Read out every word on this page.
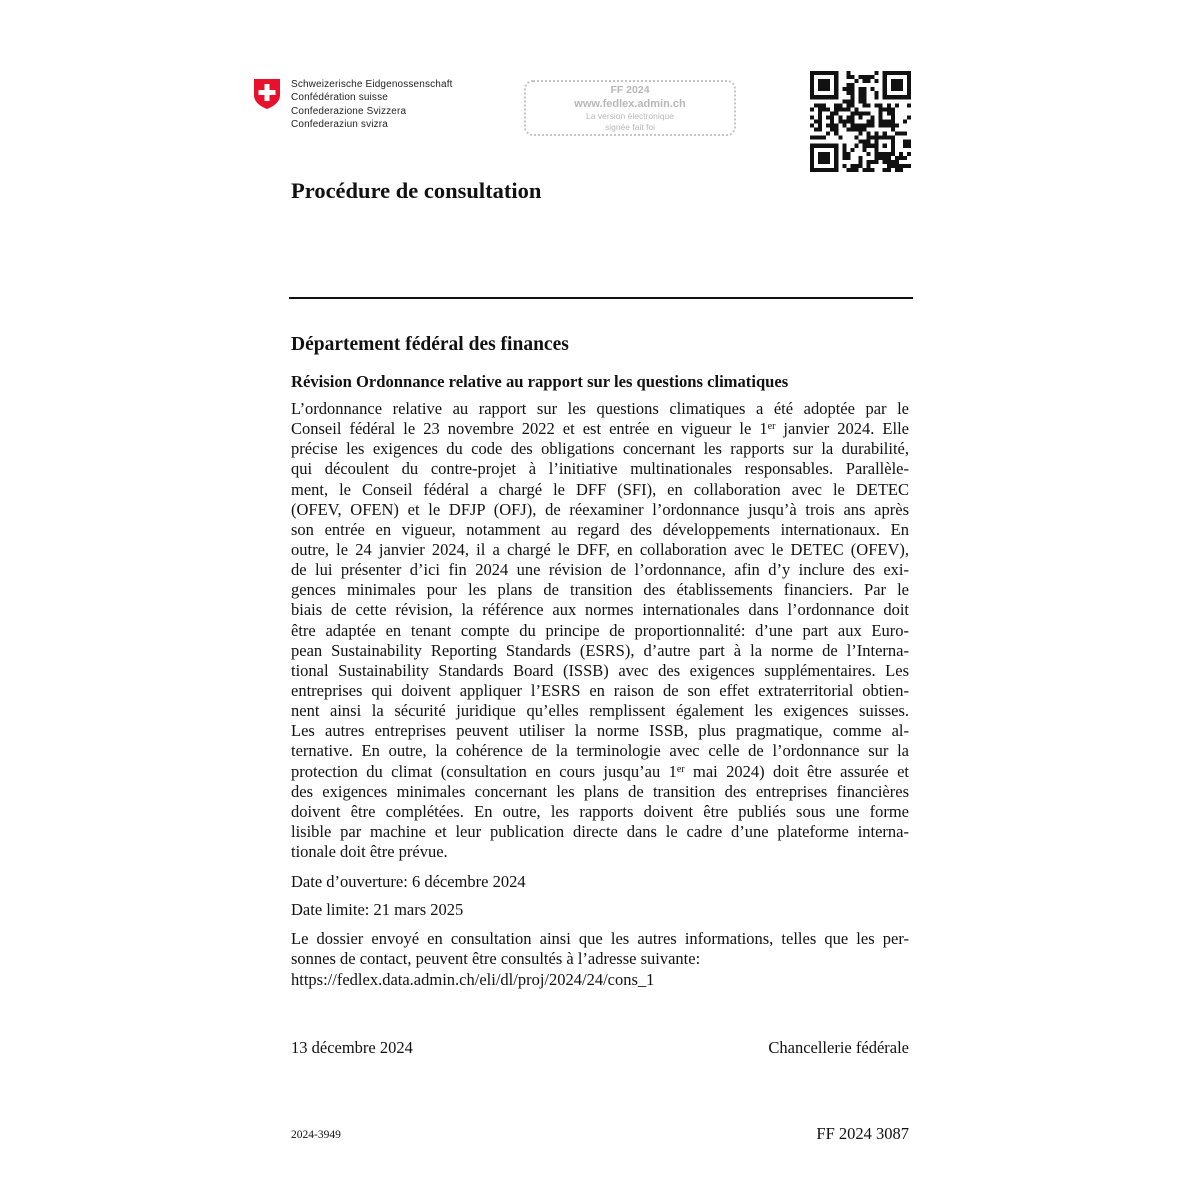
Schweizerische Eidgenossenschaft
Confédération suisse
Confederazione Svizzera
Confederaziun svizra
FF 2024
www.fedlex.admin.ch
La version électronique
signée fait foi
Procédure de consultation
Département fédéral des finances
Révision Ordonnance relative au rapport sur les questions climatiques
L’ordonnance relative au rapport sur les questions climatiques a été adoptée par le
Conseil fédéral le 23 novembre 2022 et est entrée en vigueur le 1er janvier 2024. Elle
précise les exigences du code des obligations concernant les rapports sur la durabilité,
qui découlent du contre-projet à l’initiative multinationales responsables. Parallèle-
ment, le Conseil fédéral a chargé le DFF (SFI), en collaboration avec le DETEC
(OFEV, OFEN) et le DFJP (OFJ), de réexaminer l’ordonnance jusqu’à trois ans après
son entrée en vigueur, notamment au regard des développements internationaux. En
outre, le 24 janvier 2024, il a chargé le DFF, en collaboration avec le DETEC (OFEV),
de lui présenter d’ici fin 2024 une révision de l’ordonnance, afin d’y inclure des exi-
gences minimales pour les plans de transition des établissements financiers. Par le
biais de cette révision, la référence aux normes internationales dans l’ordonnance doit
être adaptée en tenant compte du principe de proportionnalité: d’une part aux Euro-
pean Sustainability Reporting Standards (ESRS), d’autre part à la norme de l’Interna-
tional Sustainability Standards Board (ISSB) avec des exigences supplémentaires. Les
entreprises qui doivent appliquer l’ESRS en raison de son effet extraterritorial obtien-
nent ainsi la sécurité juridique qu’elles remplissent également les exigences suisses.
Les autres entreprises peuvent utiliser la norme ISSB, plus pragmatique, comme al-
ternative. En outre, la cohérence de la terminologie avec celle de l’ordonnance sur la
protection du climat (consultation en cours jusqu’au 1er mai 2024) doit être assurée et
des exigences minimales concernant les plans de transition des entreprises financières
doivent être complétées. En outre, les rapports doivent être publiés sous une forme
lisible par machine et leur publication directe dans le cadre d’une plateforme interna-
tionale doit être prévue.
Date d’ouverture: 6 décembre 2024
Date limite: 21 mars 2025
Le dossier envoyé en consultation ainsi que les autres informations, telles que les per-
sonnes de contact, peuvent être consultés à l’adresse suivante:
https://fedlex.data.admin.ch/eli/dl/proj/2024/24/cons_1
13 décembre 2024	Chancellerie fédérale
2024-3949	FF 2024 3087
